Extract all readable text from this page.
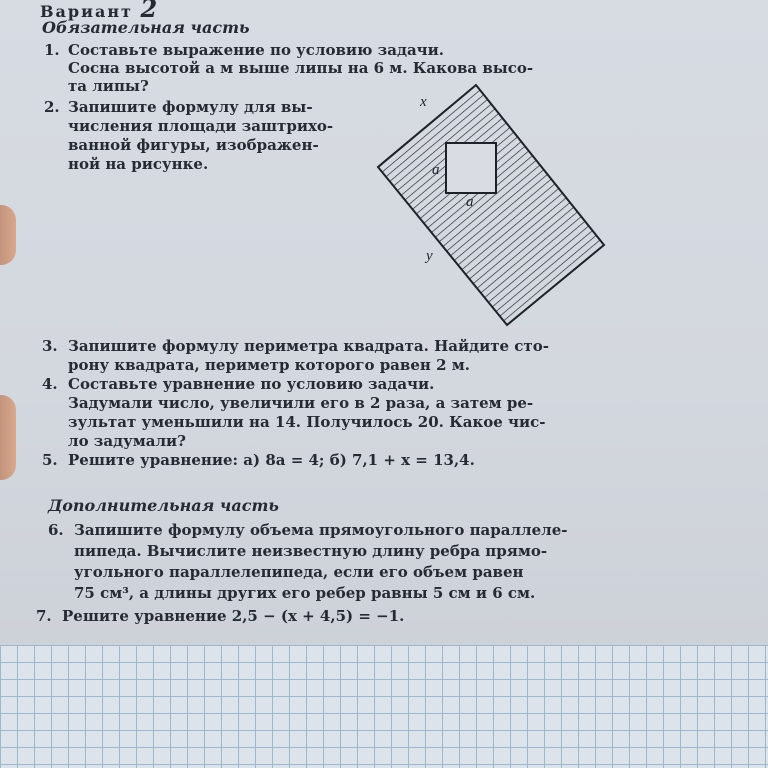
Вариант 2
Обязательная часть
1. Составьте выражение по условию задачи.
Сосна высотой a м выше липы на 6 м. Какова высо-
та липы?
2. Запишите формулу для вы-
числения площади заштрихо-
ванной фигуры, изображен-
ной на рисунке.
x
a
a
y
3. Запишите формулу периметра квадрата. Найдите сто-
рону квадрата, периметр которого равен 2 м.
4. Составьте уравнение по условию задачи.
Задумали число, увеличили его в 2 раза, а затем ре-
зультат уменьшили на 14. Получилось 20. Какое чис-
ло задумали?
5. Решите уравнение: а) 8a = 4; б) 7,1 + x = 13,4.
Дополнительная часть
6. Запишите формулу объема прямоугольного параллеле-
пипеда. Вычислите неизвестную длину ребра прямо-
угольного параллелепипеда, если его объем равен
75 см³, а длины других его ребер равны 5 см и 6 см.
7. Решите уравнение 2,5 − (x + 4,5) = −1.
